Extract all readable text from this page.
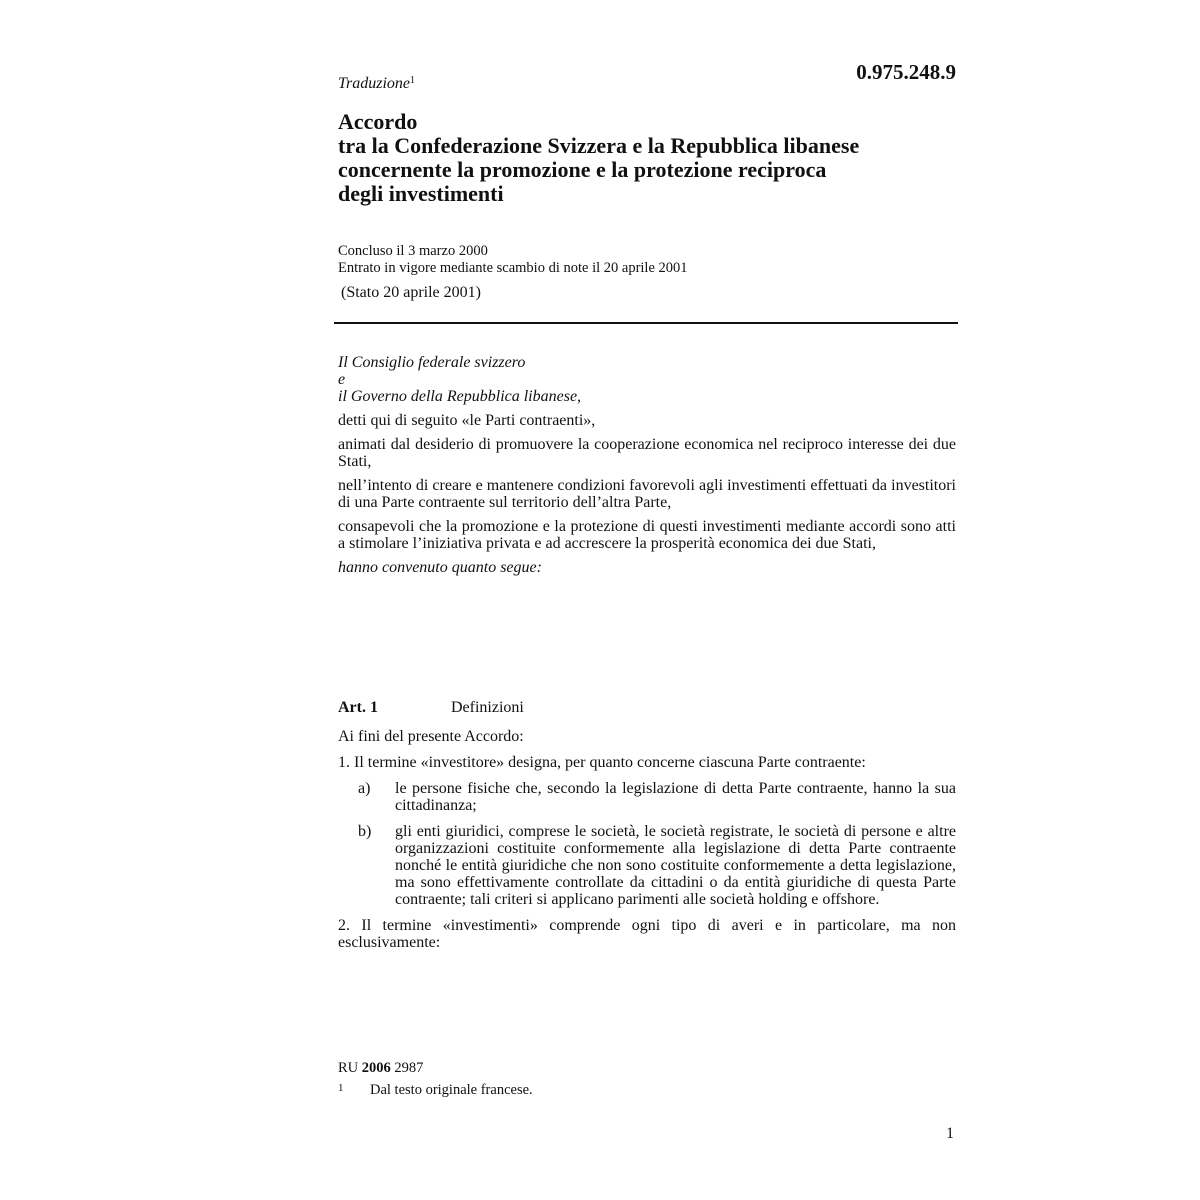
0.975.248.9
Traduzione$^1$
Accordo
tra la Confederazione Svizzera e la Repubblica libanese
concernente la promozione e la protezione reciproca
degli investimenti
Concluso il 3 marzo 2000
Entrato in vigore mediante scambio di note il 20 aprile 2001
(Stato 20 aprile 2001)
Il Consiglio federale svizzero
e
il Governo della Repubblica libanese,

detti qui di seguito «le Parti contraenti»,

animati dal desiderio di promuovere la cooperazione economica nel reciproco interesse dei due Stati,

nell’intento di creare e mantenere condizioni favorevoli agli investimenti effettuati da investitori di una Parte contraente sul territorio dell’altra Parte,

consapevoli che la promozione e la protezione di questi investimenti mediante accordi sono atti a stimolare l’iniziativa privata e ad accrescere la prosperità economica dei due Stati,

hanno convenuto quanto segue:

Art. 1	Definizioni

Ai fini del presente Accordo:

1. Il termine «investitore» designa, per quanto concerne ciascuna Parte contraente:

a) le persone fisiche che, secondo la legislazione di detta Parte contraente, hanno la sua cittadinanza;
b) gli enti giuridici, comprese le società, le società registrate, le società di persone e altre organizzazioni costituite conformemente alla legislazione di detta Parte contraente nonché le entità giuridiche che non sono costituite conformemente a detta legislazione, ma sono effettivamente controllate da cittadini o da entità giuridiche di questa Parte contraente; tali criteri si applicano parimenti alle società holding e offshore.

2. Il termine «investimenti» comprende ogni tipo di averi e in particolare, ma non esclusivamente:

RU 2006 2987
1 Dal testo originale francese.
1
